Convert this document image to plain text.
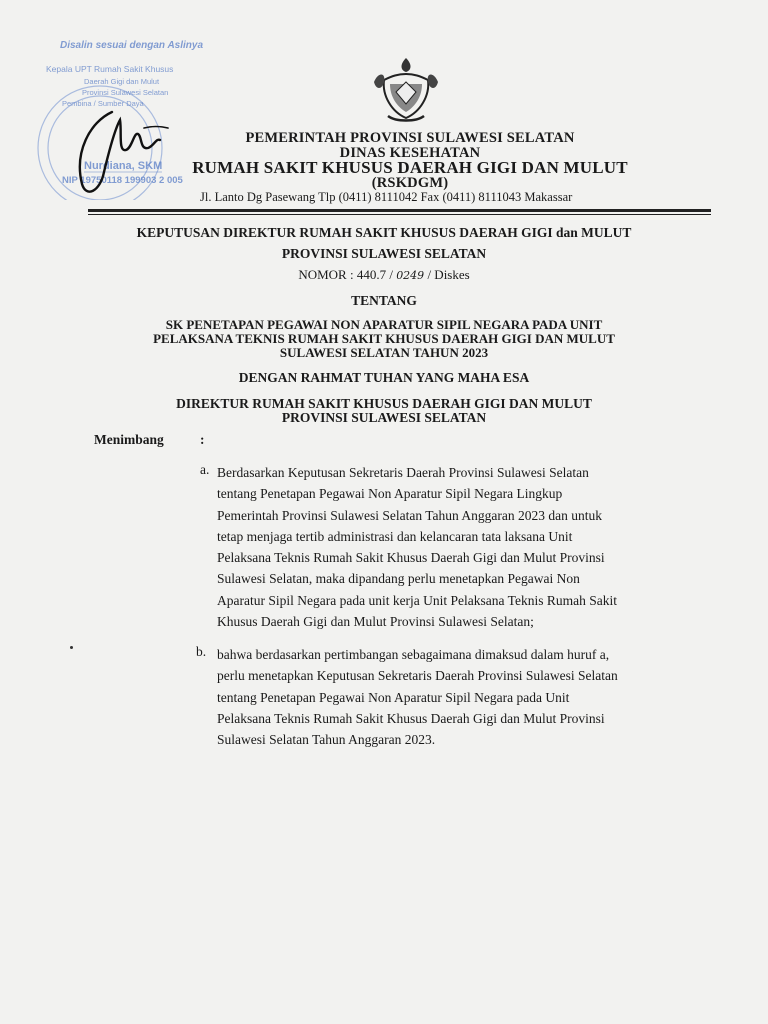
Disalin sesuai dengan Aslinya
Kepala UPT Rumah Sakit Khusus
Daerah Gigi dan Mulut
Provinsi Sulawesi Selatan
Pembina / Sumber Daya
Nurdiana, SKM
NIP 19750118 199903 2 005
PEMERINTAH PROVINSI SULAWESI SELATAN
DINAS KESEHATAN
RUMAH SAKIT KHUSUS DAERAH GIGI DAN MULUT
(RSKDGM)
Jl. Lanto Dg Pasewang Tlp (0411) 8111042 Fax (0411) 8111043 Makassar
KEPUTUSAN DIREKTUR RUMAH SAKIT KHUSUS DAERAH GIGI dan MULUT
PROVINSI SULAWESI SELATAN
NOMOR : 440.7 / 0249 / Diskes
TENTANG
SK PENETAPAN PEGAWAI NON APARATUR SIPIL NEGARA PADA UNIT
PELAKSANA TEKNIS RUMAH SAKIT KHUSUS DAERAH GIGI DAN MULUT
SULAWESI SELATAN TAHUN 2023
DENGAN RAHMAT TUHAN YANG MAHA ESA
DIREKTUR RUMAH SAKIT KHUSUS DAERAH GIGI DAN MULUT
PROVINSI SULAWESI SELATAN
Menimbang	:
a. Berdasarkan Keputusan Sekretaris Daerah Provinsi Sulawesi Selatan
tentang Penetapan Pegawai Non Aparatur Sipil Negara Lingkup
Pemerintah Provinsi Sulawesi Selatan Tahun Anggaran 2023 dan untuk
tetap menjaga tertib administrasi dan kelancaran tata laksana Unit
Pelaksana Teknis Rumah Sakit Khusus Daerah Gigi dan Mulut Provinsi
Sulawesi Selatan, maka dipandang perlu menetapkan Pegawai Non
Aparatur Sipil Negara pada unit kerja Unit Pelaksana Teknis Rumah Sakit
Khusus Daerah Gigi dan Mulut Provinsi Sulawesi Selatan;
b. bahwa berdasarkan pertimbangan sebagaimana dimaksud dalam huruf a,
perlu menetapkan Keputusan Sekretaris Daerah Provinsi Sulawesi Selatan
tentang Penetapan Pegawai Non Aparatur Sipil Negara pada Unit
Pelaksana Teknis Rumah Sakit Khusus Daerah Gigi dan Mulut Provinsi
Sulawesi Selatan Tahun Anggaran 2023.
